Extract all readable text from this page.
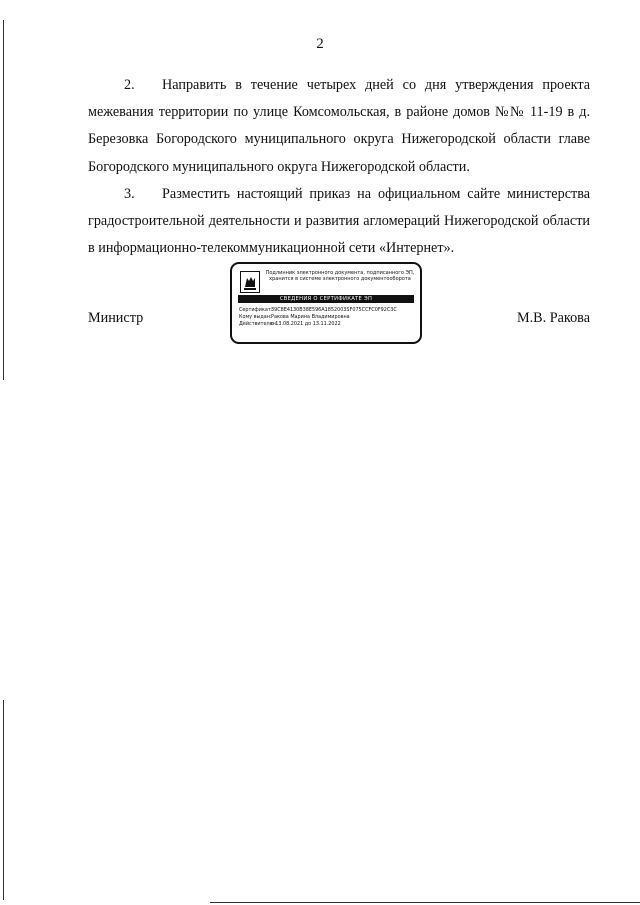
2

2. Направить в течение четырех дней со дня утверждения проекта межевания территории по улице Комсомольская, в районе домов №№ 11-19 в д. Березовка Богородского муниципального округа Нижегородской области главе Богородского муниципального округа Нижегородской области.

3. Разместить настоящий приказ на официальном сайте министерства градостроительной деятельности и развития агломераций Нижегородской области в информационно-телекоммуникационной сети «Интернет».

Министр
Подлинник электронного документа, подписанного ЭП, хранится в системе электронного документооборота
СВЕДЕНИЯ О СЕРТИФИКАТЕ ЭП
Сертификат:39C8E4130B38E596A1852003SF075CCFC0F92C3C
Кому выдан:Ракова Марина Владимировна
Действителен:с 13.08.2021 до 13.11.2022	М.В. Ракова
